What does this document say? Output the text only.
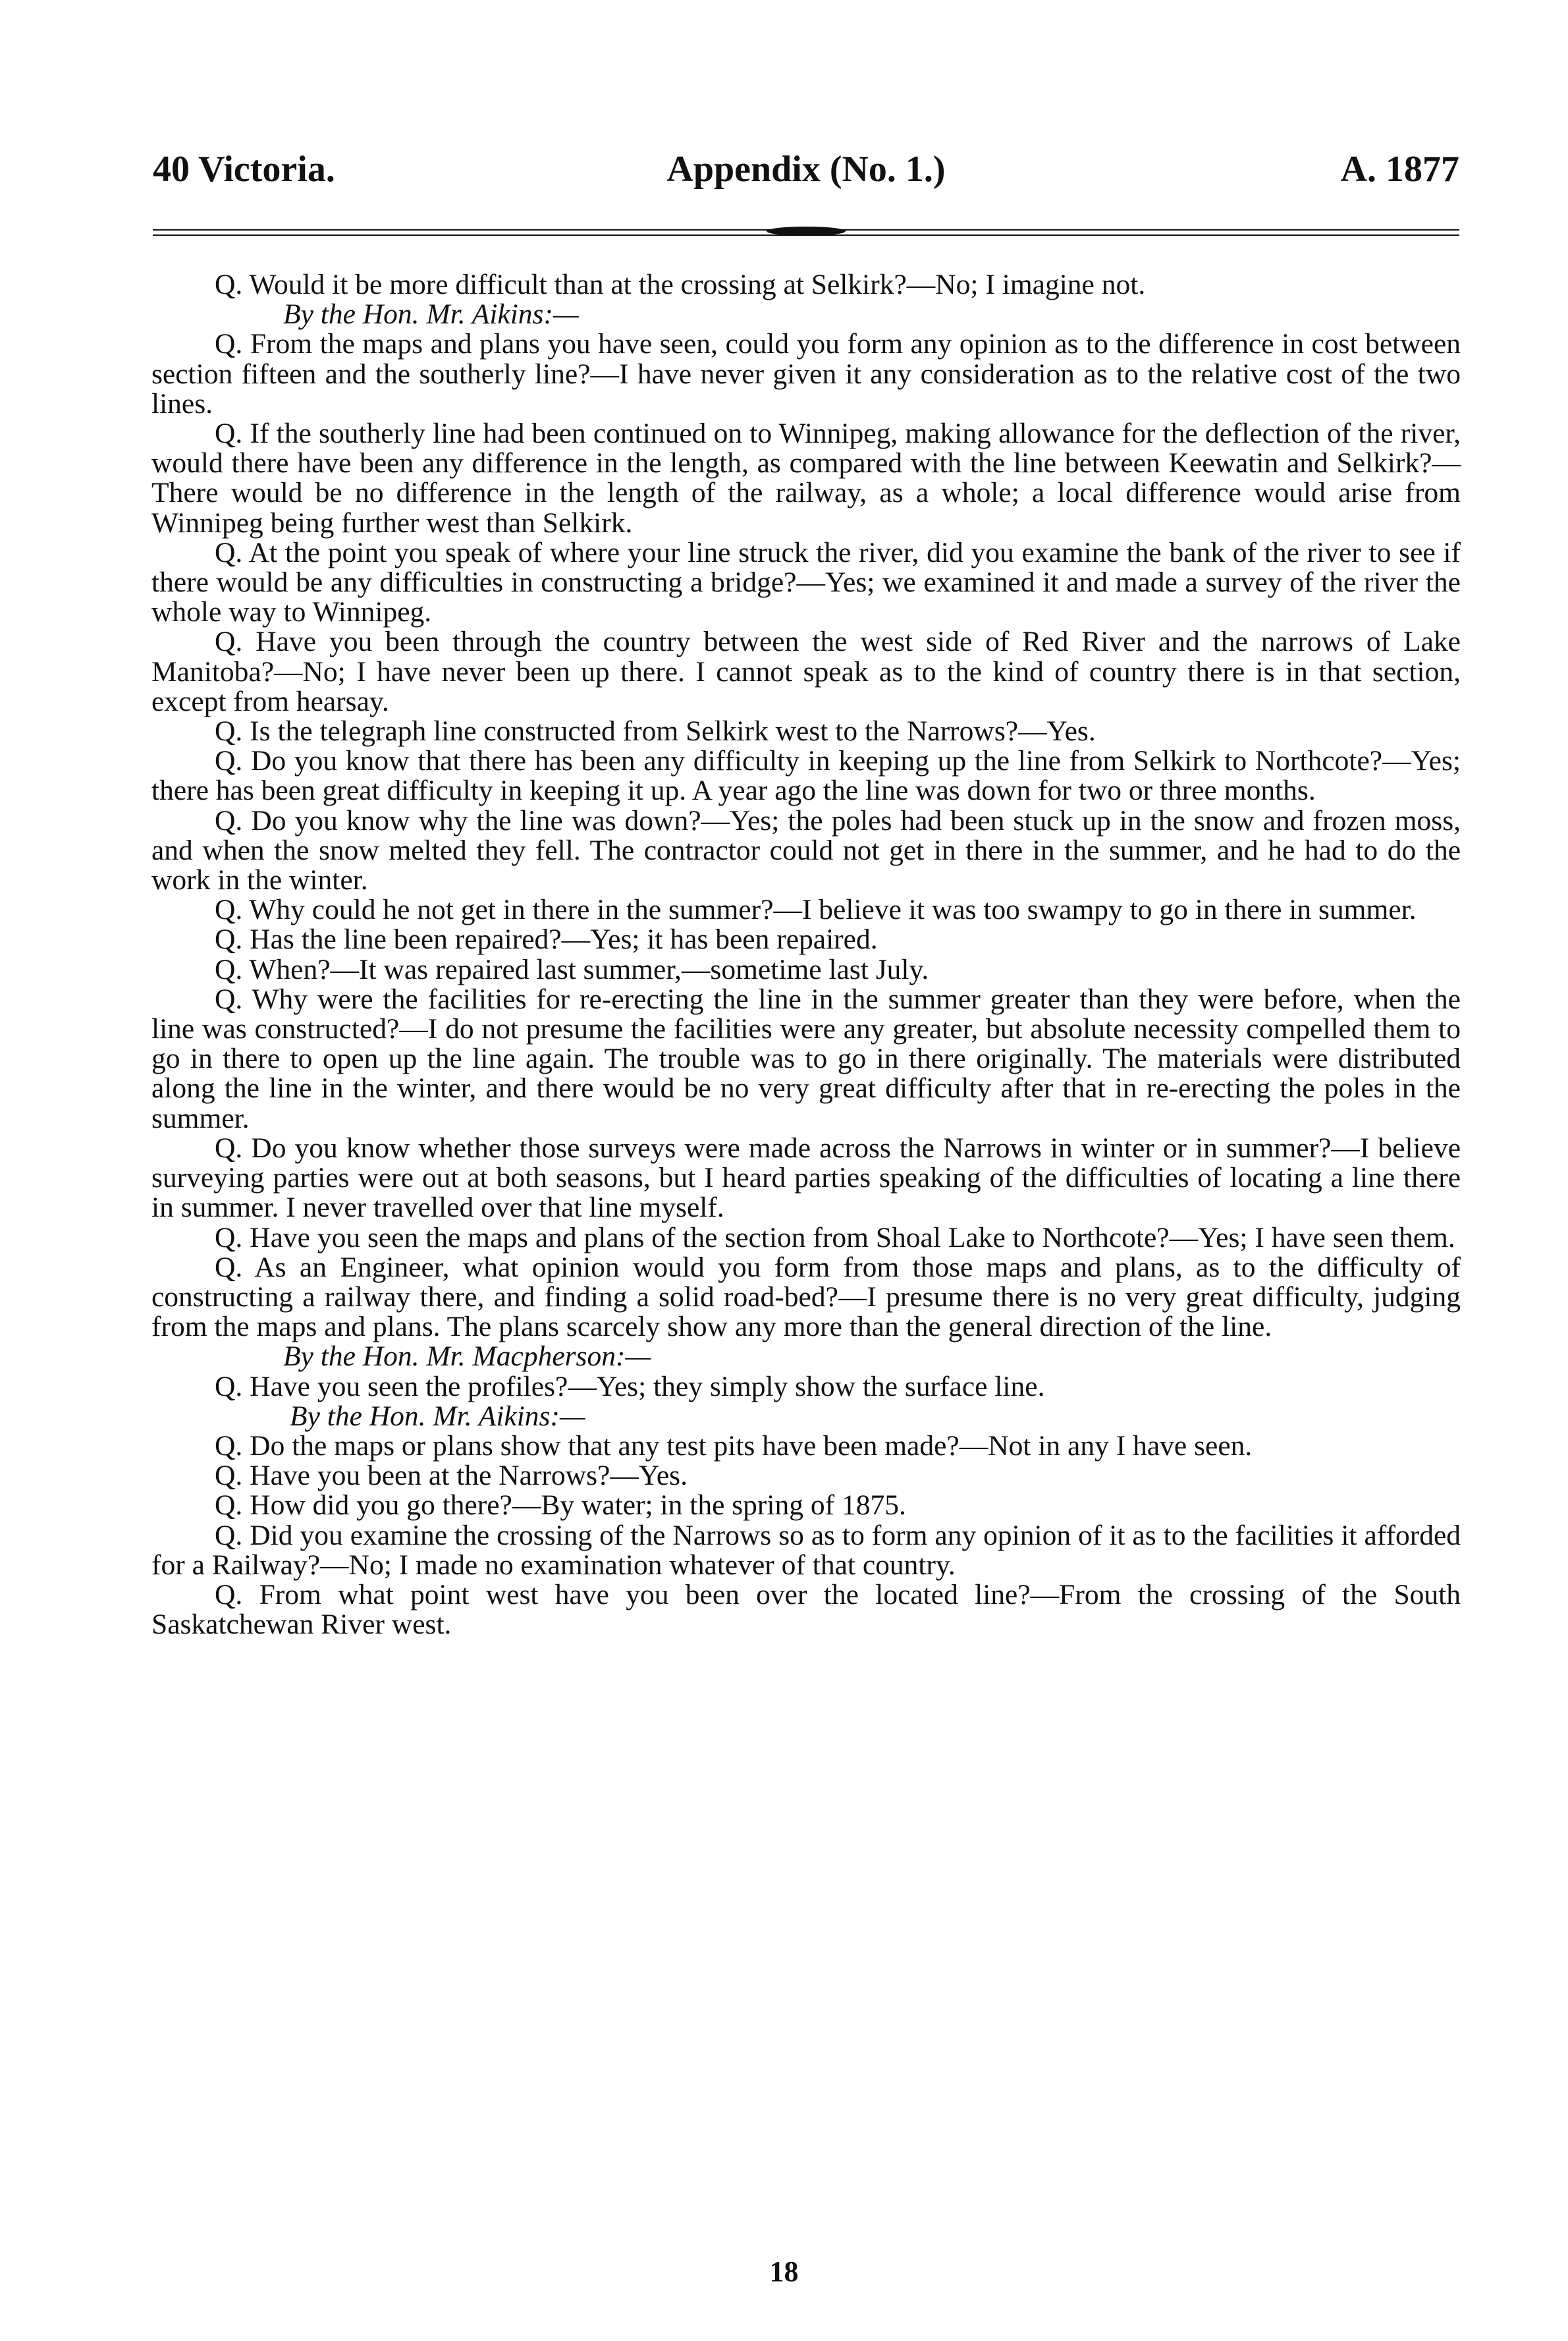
Appendix (No. 1.)
40 Victoria.	A. 1877

Q. Would it be more difficult than at the crossing at Selkirk?—No; I imagine not.

By the Hon. Mr. Aikins:—

Q. From the maps and plans you have seen, could you form any opinion as to the difference in cost between section fifteen and the southerly line?—I have never given it any consideration as to the relative cost of the two lines.

Q. If the southerly line had been continued on to Winnipeg, making allowance for the deflection of the river, would there have been any difference in the length, as compared with the line between Keewatin and Selkirk?—There would be no difference in the length of the railway, as a whole; a local difference would arise from Winnipeg being further west than Selkirk.

Q. At the point you speak of where your line struck the river, did you examine the bank of the river to see if there would be any difficulties in constructing a bridge?—Yes; we examined it and made a survey of the river the whole way to Winnipeg.

Q. Have you been through the country between the west side of Red River and the narrows of Lake Manitoba?—No; I have never been up there. I cannot speak as to the kind of country there is in that section, except from hearsay.

Q. Is the telegraph line constructed from Selkirk west to the Narrows?—Yes.

Q. Do you know that there has been any difficulty in keeping up the line from Selkirk to Northcote?—Yes; there has been great difficulty in keeping it up. A year ago the line was down for two or three months.

Q. Do you know why the line was down?—Yes; the poles had been stuck up in the snow and frozen moss, and when the snow melted they fell. The contractor could not get in there in the summer, and he had to do the work in the winter.

Q. Why could he not get in there in the summer?—I believe it was too swampy to go in there in summer.

Q. Has the line been repaired?—Yes; it has been repaired.

Q. When?—It was repaired last summer,—sometime last July.

Q. Why were the facilities for re-erecting the line in the summer greater than they were before, when the line was constructed?—I do not presume the facilities were any greater, but absolute necessity compelled them to go in there to open up the line again. The trouble was to go in there originally. The materials were distributed along the line in the winter, and there would be no very great difficulty after that in re-erecting the poles in the summer.

Q. Do you know whether those surveys were made across the Narrows in winter or in summer?—I believe surveying parties were out at both seasons, but I heard parties speaking of the difficulties of locating a line there in summer. I never travelled over that line myself.

Q. Have you seen the maps and plans of the section from Shoal Lake to Northcote?—Yes; I have seen them.

Q. As an Engineer, what opinion would you form from those maps and plans, as to the difficulty of constructing a railway there, and finding a solid road-bed?—I presume there is no very great difficulty, judging from the maps and plans. The plans scarcely show any more than the general direction of the line.

By the Hon. Mr. Macpherson:—

Q. Have you seen the profiles?—Yes; they simply show the surface line.

By the Hon. Mr. Aikins:—

Q. Do the maps or plans show that any test pits have been made?—Not in any I have seen.

Q. Have you been at the Narrows?—Yes.

Q. How did you go there?—By water; in the spring of 1875.

Q. Did you examine the crossing of the Narrows so as to form any opinion of it as to the facilities it afforded for a Railway?—No; I made no examination whatever of that country.

Q. From what point west have you been over the located line?—From the crossing of the South Saskatchewan River west.

18
